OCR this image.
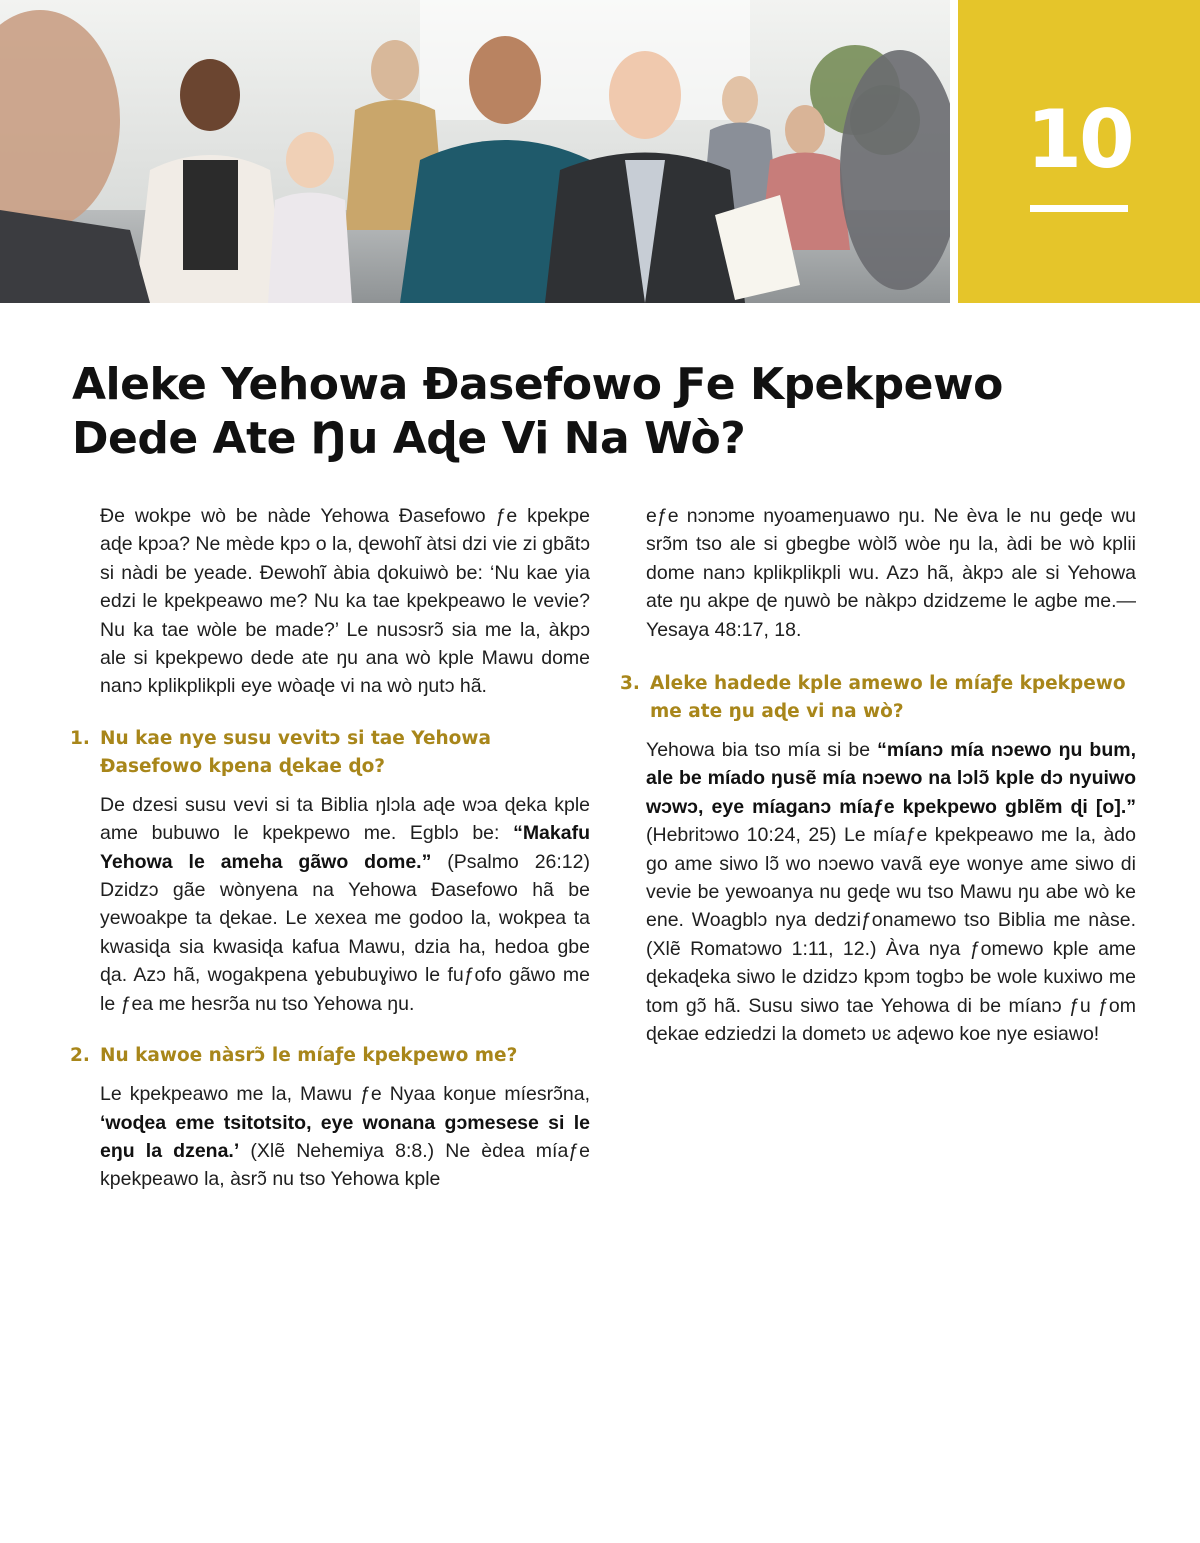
10
Aleke Yehowa Ðasefowo Ƒe Kpekpewo Dede Ate Ŋu Aɖe Vi Na Wò?

Ðe wokpe wò be nàde Yehowa Ðasefowo ƒe kpekpe aɖe kpɔa? Ne mède kpɔ o la, ɖewohĩ àtsi dzi vie zi gbãtɔ si nàdi be yeade. Ðewohĩ àbia ɖokuiwò be: ‘Nu kae yia edzi le kpekpeawo me? Nu ka tae kpekpeawo le vevie? Nu ka tae wòle be made?’ Le nusɔsrɔ̃ sia me la, àkpɔ ale si kpekpewo dede ate ŋu ana wò kple Mawu dome nanɔ kplikplikpli eye wòaɖe vi na wò ŋutɔ hã.

1. Nu kae nye susu vevitɔ si tae Yehowa Ðasefowo kpena ɖekae ɖo?

De dzesi susu vevi si ta Biblia ŋlɔla aɖe wɔa ɖeka kple ame bubuwo le kpekpewo me. Egblɔ be: “Makafu Yehowa le ameha gãwo dome.” (Psalmo 26:12) Dzidzɔ gãe wònyena na Yehowa Ðasefowo hã be yewoakpe ta ɖekae. Le xexea me godoo la, wokpea ta kwasiɖa sia kwasiɖa kafua Mawu, dzia ha, hedoa gbe ɖa. Azɔ hã, wogakpena ɣebubuɣiwo le fuƒofo gãwo me le ƒea me hesrɔ̃a nu tso Yehowa ŋu.

2. Nu kawoe nàsrɔ̃ le míaƒe kpekpewo me?

Le kpekpeawo me la, Mawu ƒe Nyaa koŋue míesrɔ̃na, ‘woɖea eme tsitotsito, eye wonana gɔmesese si le eŋu la dzena.’ (Xlẽ Nehemiya 8:8.) Ne èdea míaƒe kpekpeawo la, àsrɔ̃ nu tso Yehowa kple

eƒe nɔnɔme nyoameŋuawo ŋu. Ne èva le nu geɖe wu srɔ̃m tso ale si gbegbe wòlɔ̃ wòe ŋu la, àdi be wò kplii dome nanɔ kplikplikpli wu. Azɔ hã, àkpɔ ale si Yehowa ate ŋu akpe ɖe ŋuwò be nàkpɔ dzidzeme le agbe me.—Yesaya 48:17, 18.

3. Aleke hadede kple amewo le míaƒe kpekpewo me ate ŋu aɖe vi na wò?

Yehowa bia tso mía si be “míanɔ mía nɔewo ŋu bum, ale be míado ŋusẽ mía nɔewo na lɔlɔ̃ kple dɔ nyuiwo wɔwɔ, eye míaganɔ míaƒe kpekpewo gblẽm ɖi [o].” (Hebritɔwo 10:24, 25) Le míaƒe kpekpeawo me la, àdo go ame siwo lɔ̃ wo nɔewo vavã eye wonye ame siwo di vevie be yewoanya nu geɖe wu tso Mawu ŋu abe wò ke ene. Woagblɔ nya dedziƒonamewo tso Biblia me nàse. (Xlẽ Romatɔwo 1:11, 12.) Àva nya ƒomewo kple ame ɖekaɖeka siwo le dzidzɔ kpɔm togbɔ be wole kuxiwo me tom gɔ̃ hã. Susu siwo tae Yehowa di be míanɔ ƒu ƒom ɖekae edziedzi la dometɔ ʋɛ aɖewo koe nye esiawo!
